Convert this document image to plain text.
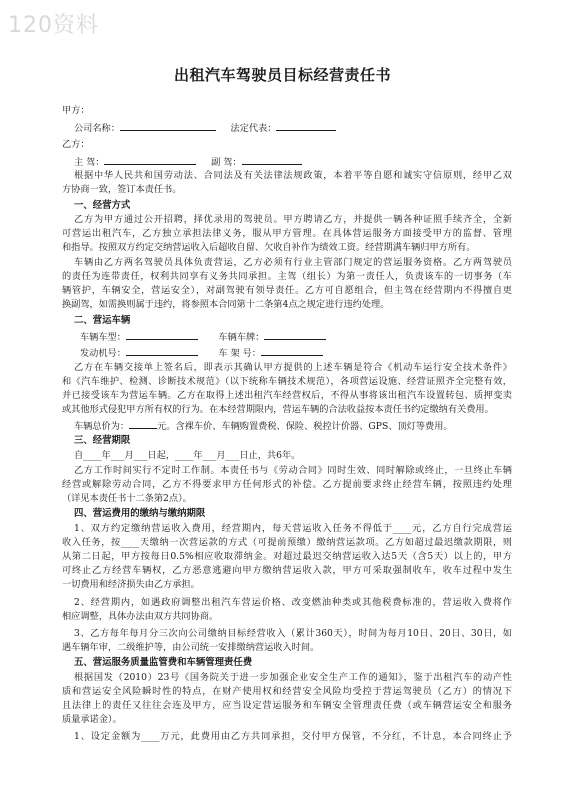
120资料
出租汽车驾驶员目标经营责任书
甲方：
公司名称：	法定代表：
乙方：
主 驾：	副 驾：
根据中华人民共和国劳动法、合同法及有关法律法规政策，本着平等自愿和诚实守信原则，经甲乙双
方协商一致，签订本责任书。
一、经营方式
乙方为甲方通过公开招聘，择优录用的驾驶员。甲方聘请乙方，并提供一辆各种证照手续齐全，全新
可营运出租汽车，乙方独立承担法律义务，服从甲方管理。在具体营运服务方面接受甲方的监督、管理
和指导。按照双方约定交纳营运收入后超收自留、欠收自补作为绩效工资。经营期满车辆归甲方所有。
车辆由乙方两名驾驶员具体负责营运，乙方必须有行业主管部门规定的营运服务资格。乙方两驾驶员
的责任为连带责任，权利共同享有义务共同承担。主驾（组长）为第一责任人，负责该车的一切事务（车
辆管护，车辆安全，营运安全），对副驾驶有领导责任。乙方可自愿组合，但主驾在经营期内不得擅自更
换副驾，如需换则属于违约，将参照本合同第十二条第4点之规定进行违约处理。
二、营运车辆
车辆车型：	车辆车牌：
发动机号：	车 架 号：
乙方在车辆交接单上签名后，即表示其确认甲方提供的上述车辆是符合《机动车运行安全技术条件》
和《汽车维护、检测、诊断技术规范》（以下统称车辆技术规范），各项营运设施、经营证照齐全完整有效，
并已接受该车为营运车辆。乙方在取得上述出租汽车经营权后，不得从事将该出租汽车设置转包、质押变卖
或其他形式侵犯甲方所有权的行为。在本经营期限内，营运车辆的合法收益按本责任书约定缴纳有关费用。
车辆总价为：	元。含裸车价、车辆购置费税、保险、税控计价器、GPS、顶灯等费用。
三、经营期限
自____年___月___日起，____年___月___日止，共6年。
乙方工作时间实行不定时工作制。本责任书与《劳动合同》同时生效、同时解除或终止，一旦终止车辆
经营或解除劳动合同，乙方不得要求甲方任何形式的补偿。乙方提前要求终止经营车辆，按照违约处理
（详见本责任书十二条第2点）。
四、营运费用的缴纳与缴纳期限
1、双方约定缴纳营运收入费用，经营期内，每天营运收入任务不得低于____元，乙方自行完成营运
收入任务，按____天缴纳一次营运款的方式（可提前预缴）缴纳营运款项。乙方如超过最迟缴款期限，则
从第二日起，甲方按每日0.5%相应收取滞纳金。对超过最迟交纳营运收入达5天（含5天）以上的，甲方
可终止乙方经营车辆权，乙方恶意逃避向甲方缴纳营运收入款，甲方可采取强制收车，收车过程中发生
一切费用和经济损失由乙方承担。
2、经营期内，如遇政府调整出租汽车营运价格、改变燃油种类或其他税费标准的，营运收入费将作
相应调整，具体办法由双方共同协商。
3、乙方每年每月分三次向公司缴纳目标经营收入（累计360天），时间为每月10日、20日、30日，如
遇车辆年审，二级维护等，由公司统一安排缴纳营运收入时间。
五、营运服务质量监管费和车辆管理责任费
根据国发（2010）23号《国务院关于进一步加强企业安全生产工作的通知》，鉴于出租汽车的动产性
质和营运安全风险瞬时性的特点，在财产使用权和经营安全风险均受控于营运驾驶员（乙方）的情况下
且法律上的责任又往往会连及甲方，应当设定营运服务和车辆安全管理责任费（或车辆营运安全和服务
质量承诺金）。
1、设定金额为____万元，此费用由乙方共同承担，交付甲方保管，不分红，不计息，本合同终止予
